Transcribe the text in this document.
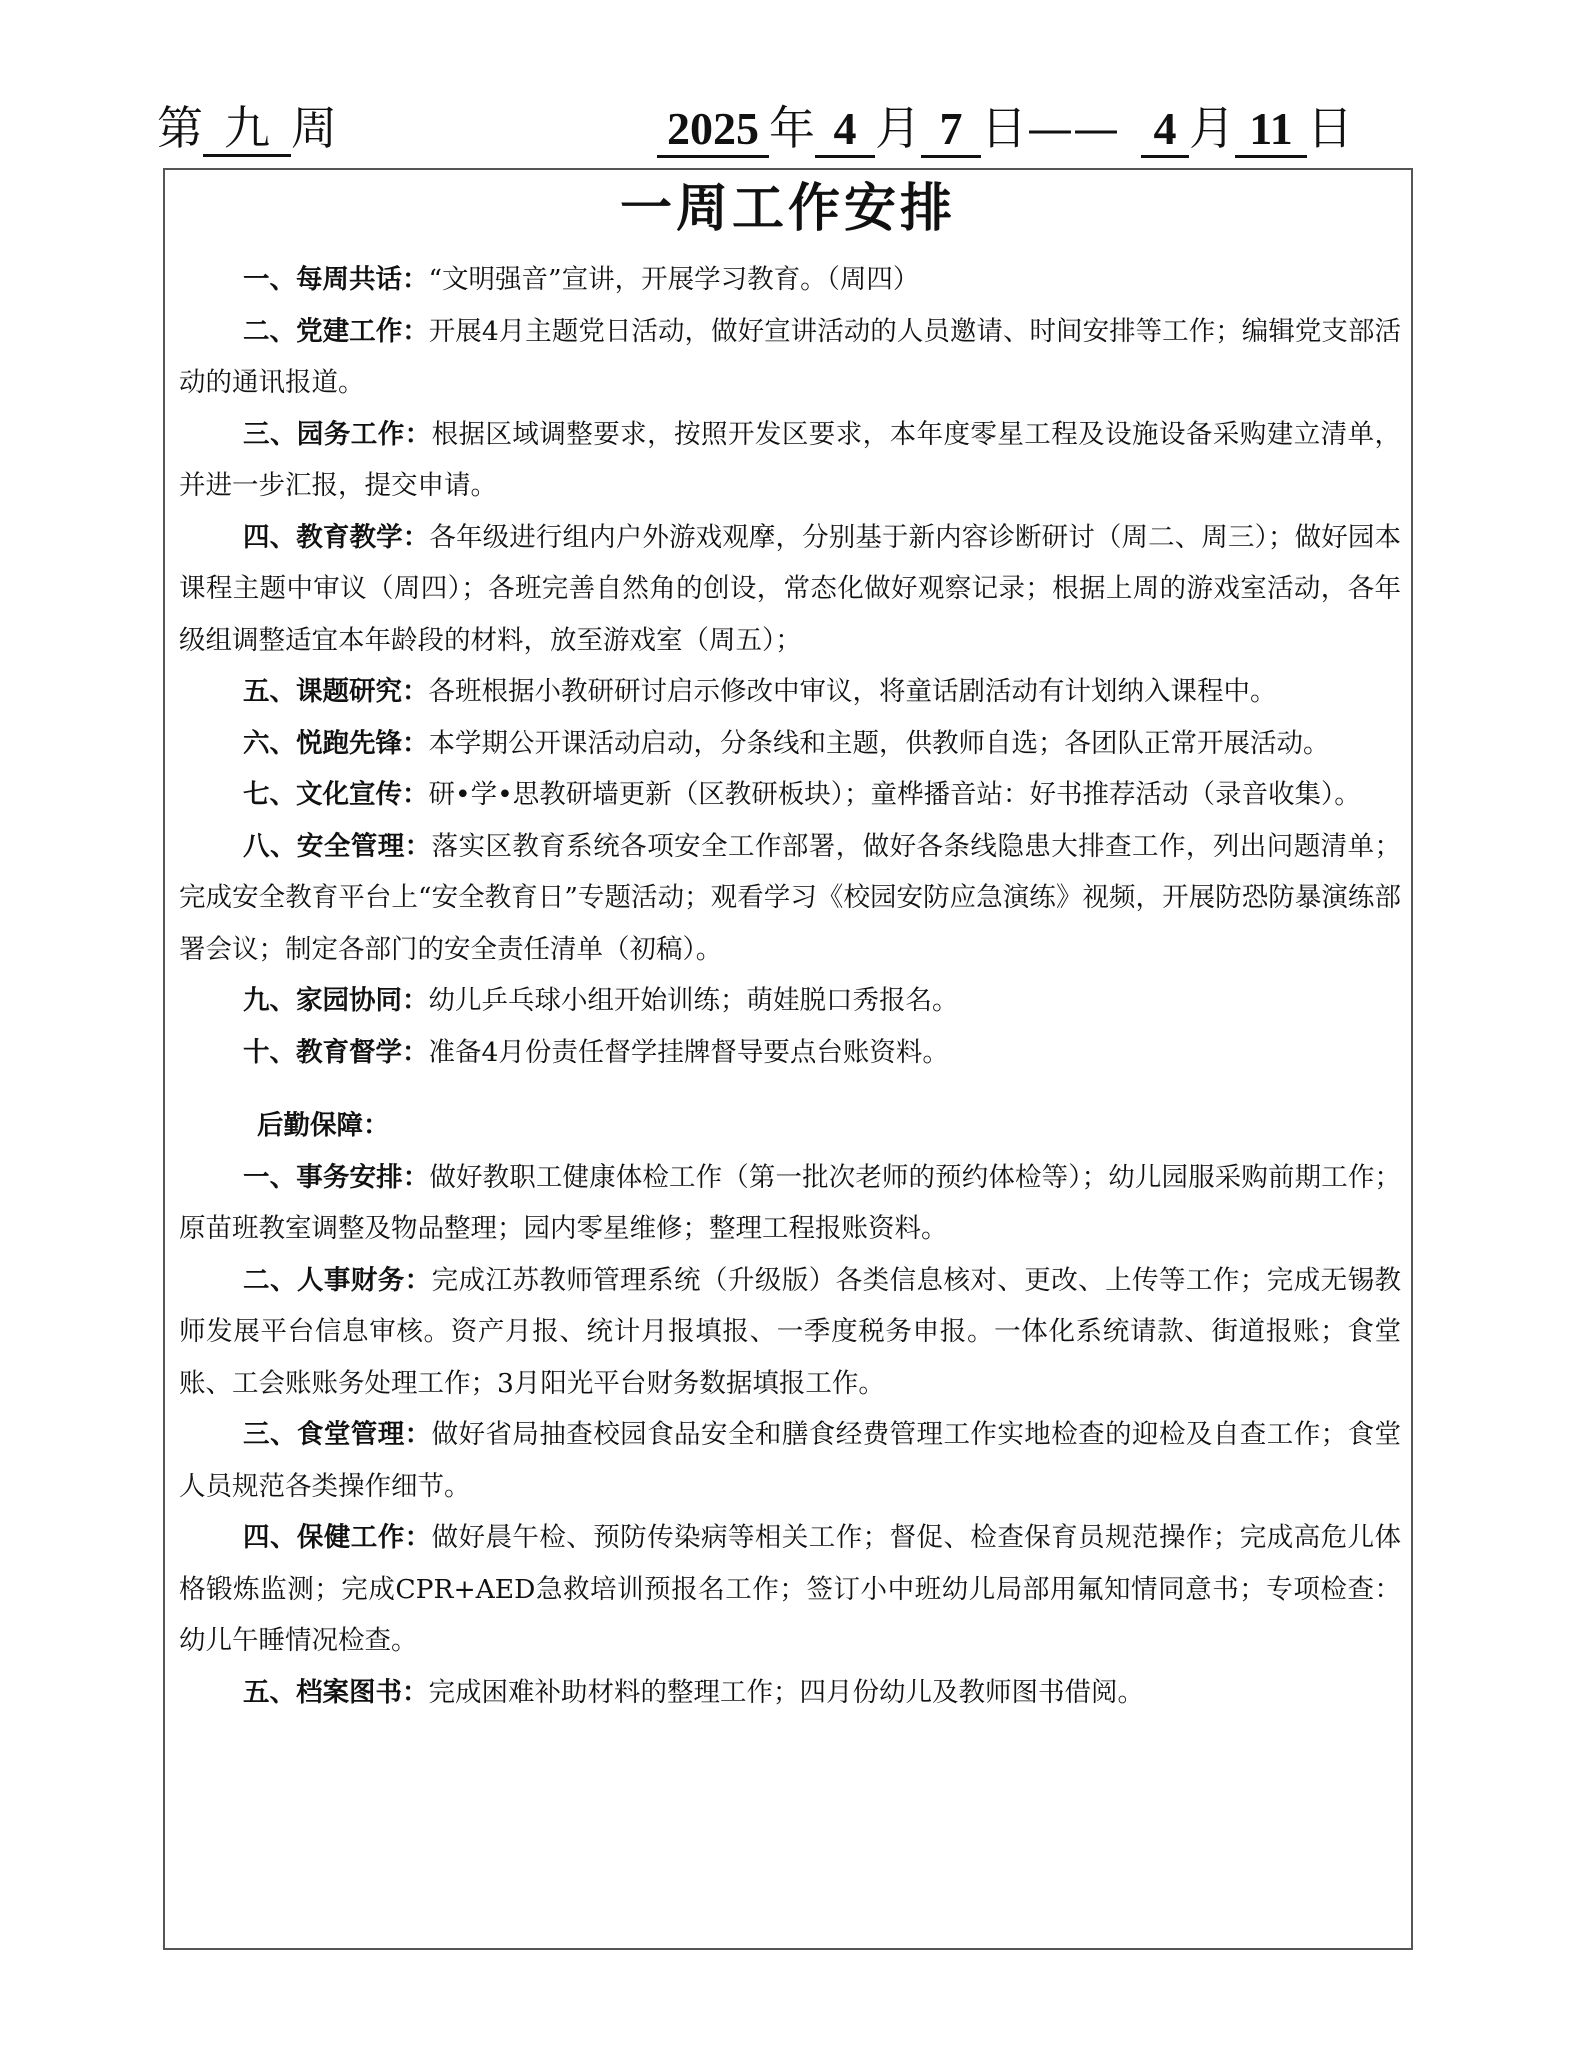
第 九 周	2025 年 4 月 7 日—— 4 月 11 日
一周工作安排

一、每周共话：“文明强音”宣讲，开展学习教育。（周四）

二、党建工作：开展4月主题党日活动，做好宣讲活动的人员邀请、时间安排等工作；编辑党支部活动的通讯报道。

三、园务工作：根据区域调整要求，按照开发区要求，本年度零星工程及设施设备采购建立清单，并进一步汇报，提交申请。

四、教育教学：各年级进行组内户外游戏观摩，分别基于新内容诊断研讨（周二、周三）；做好园本课程主题中审议（周四）；各班完善自然角的创设，常态化做好观察记录；根据上周的游戏室活动，各年级组调整适宜本年龄段的材料，放至游戏室（周五）；

五、课题研究：各班根据小教研研讨启示修改中审议，将童话剧活动有计划纳入课程中。

六、悦跑先锋：本学期公开课活动启动，分条线和主题，供教师自选；各团队正常开展活动。

七、文化宣传：研•学•思教研墙更新（区教研板块）；童桦播音站：好书推荐活动（录音收集）。

八、安全管理：落实区教育系统各项安全工作部署，做好各条线隐患大排查工作，列出问题清单；完成安全教育平台上“安全教育日”专题活动；观看学习《校园安防应急演练》视频，开展防恐防暴演练部署会议；制定各部门的安全责任清单（初稿）。

九、家园协同：幼儿乒乓球小组开始训练；萌娃脱口秀报名。

十、教育督学：准备4月份责任督学挂牌督导要点台账资料。

后勤保障：

一、事务安排：做好教职工健康体检工作（第一批次老师的预约体检等）；幼儿园服采购前期工作；原苗班教室调整及物品整理；园内零星维修；整理工程报账资料。

二、人事财务：完成江苏教师管理系统（升级版）各类信息核对、更改、上传等工作；完成无锡教师发展平台信息审核。资产月报、统计月报填报、一季度税务申报。一体化系统请款、街道报账；食堂账、工会账账务处理工作；3月阳光平台财务数据填报工作。

三、食堂管理：做好省局抽查校园食品安全和膳食经费管理工作实地检查的迎检及自查工作；食堂人员规范各类操作细节。

四、保健工作：做好晨午检、预防传染病等相关工作；督促、检查保育员规范操作；完成高危儿体格锻炼监测；完成CPR+AED急救培训预报名工作；签订小中班幼儿局部用氟知情同意书；专项检查：幼儿午睡情况检查。

五、档案图书：完成困难补助材料的整理工作；四月份幼儿及教师图书借阅。
